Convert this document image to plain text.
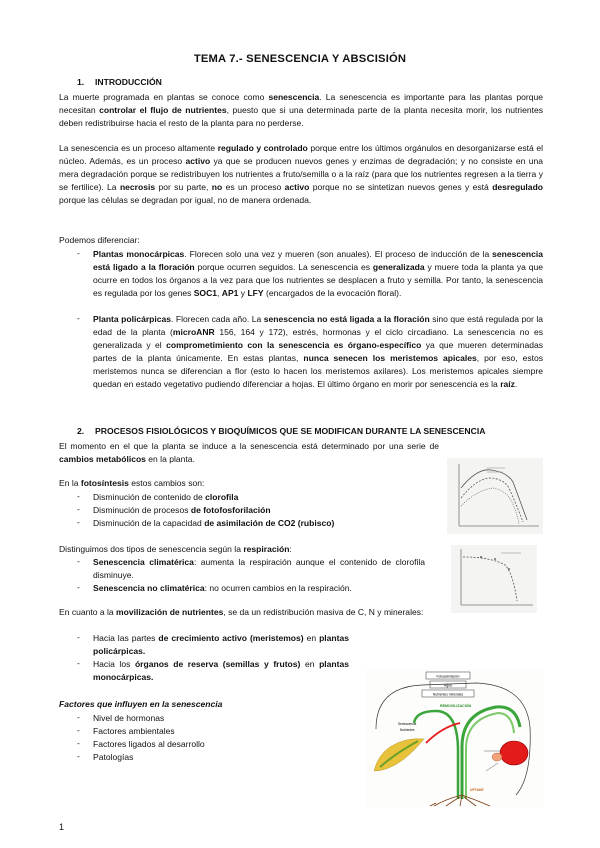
TEMA 7.- SENESCENCIA Y ABSCISIÓN
1. INTRODUCCIÓN
La muerte programada en plantas se conoce como senescencia. La senescencia es importante para las plantas porque necesitan controlar el flujo de nutrientes, puesto que si una determinada parte de la planta necesita morir, los nutrientes deben redistribuirse hacia el resto de la planta para no perderse.
La senescencia es un proceso altamente regulado y controlado porque entre los últimos orgánulos en desorganizarse está el núcleo. Además, es un proceso activo ya que se producen nuevos genes y enzimas de degradación; y no consiste en una mera degradación porque se redistribuyen los nutrientes a fruto/semilla o a la raíz (para que los nutrientes regresen a la tierra y se fertilice). La necrosis por su parte, no es un proceso activo porque no se sintetizan nuevos genes y está desregulado porque las células se degradan por igual, no de manera ordenada.
Podemos diferenciar:
- Plantas monocárpicas. Florecen solo una vez y mueren (son anuales). El proceso de inducción de la senescencia está ligado a la floración porque ocurren seguidos. La senescencia es generalizada y muere toda la planta ya que ocurre en todos los órganos a la vez para que los nutrientes se desplacen a fruto y semilla. Por tanto, la senescencia es regulada por los genes SOC1, AP1 y LFY (encargados de la evocación floral).
- Planta policárpicas. Florecen cada año. La senescencia no está ligada a la floración sino que está regulada por la edad de la planta (microANR 156, 164 y 172), estrés, hormonas y el ciclo circadiano. La senescencia no es generalizada y el comprometimiento con la senescencia es órgano-específico ya que mueren determinadas partes de la planta únicamente. En estas plantas, nunca senecen los meristemos apicales, por eso, estos meristemos nunca se diferencian a flor (esto lo hacen los meristemos axilares). Los meristemos apicales siempre quedan en estado vegetativo pudiendo diferenciar a hojas. El último órgano en morir por senescencia es la raíz.
2. PROCESOS FISIOLÓGICOS Y BIOQUÍMICOS QUE SE MODIFICAN DURANTE LA SENESCENCIA
El momento en el que la planta se induce a la senescencia está determinado por una serie de cambios metabólicos en la planta.
En la fotosíntesis estos cambios son:
- Disminución de contenido de clorofila
- Disminución de procesos de fotofosforilación
- Disminución de la capacidad de asimilación de CO2 (rubisco)
Distinguimos dos tipos de senescencia según la respiración:
- Senescencia climatérica: aumenta la respiración aunque el contenido de clorofila disminuye.
- Senescencia no climatérica: no ocurren cambios en la respiración.
En cuanto a la movilización de nutrientes, se da un redistribución masiva de C, N y minerales:
- Hacia las partes de crecimiento activo (meristemos) en plantas policárpicas.
- Hacia los órganos de reserva (semillas y frutos) en plantas monocárpicas.
Factores que influyen en la senescencia
- Nivel de hormonas
- Factores ambientales
- Factores ligados al desarrollo
- Patologías
Fotoasimilación
Agua
Nutrientes minerales
REMOVILIZACIÓN
Senescencia
Nutrientes
UPTAKE
1
